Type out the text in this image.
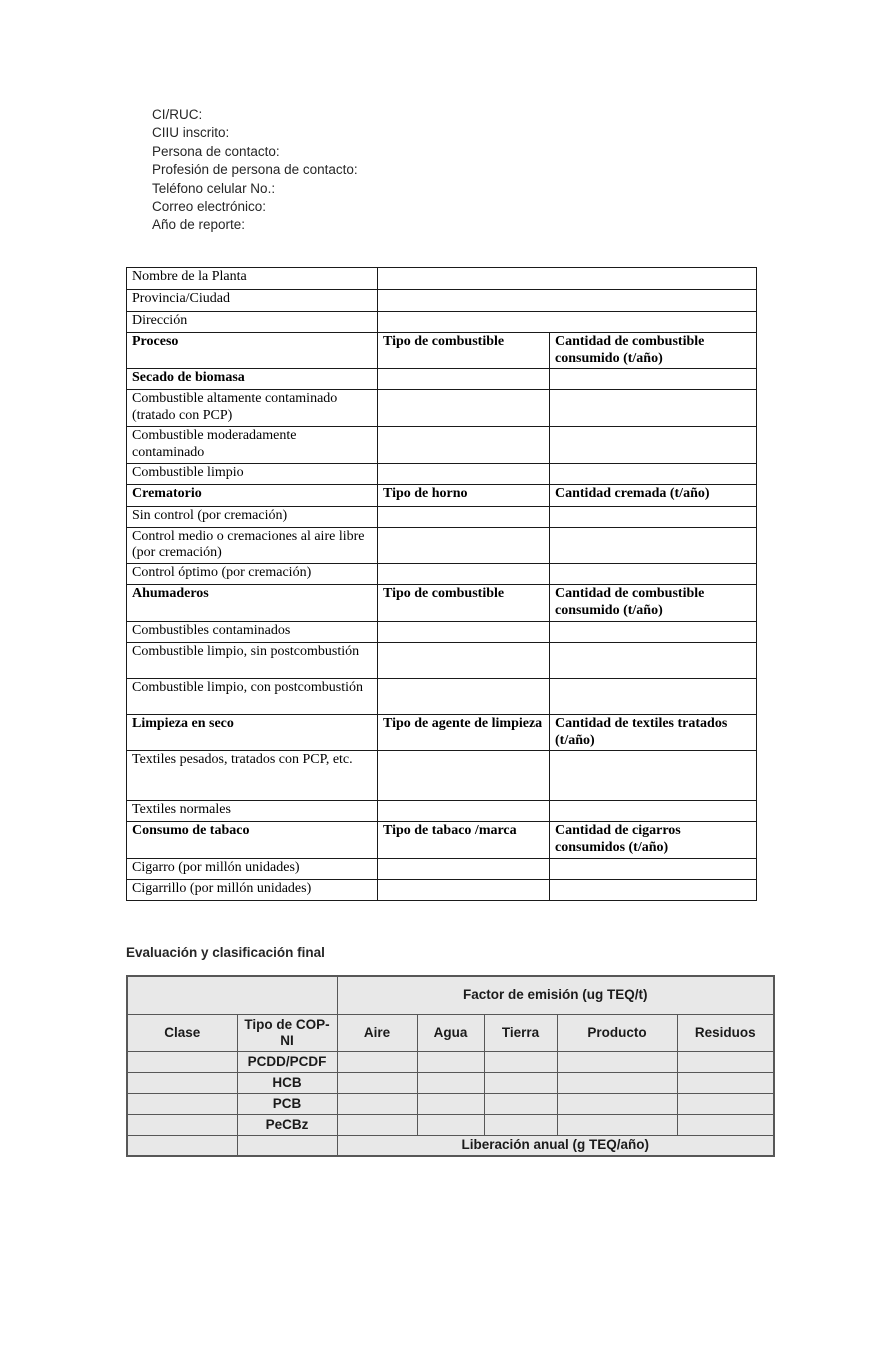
CI/RUC:
CIIU inscrito:
Persona de contacto:
Profesión de persona de contacto:
Teléfono celular No.:
Correo electrónico:
Año de reporte:
Nombre de la Planta		
Provincia/Ciudad		
Dirección		
Proceso	Tipo de combustible	Cantidad de combustible consumido (t/año)
Secado de biomasa		
Combustible altamente contaminado (tratado con PCP)		
Combustible moderadamente contaminado		
Combustible limpio		
Crematorio	Tipo de horno	Cantidad cremada (t/año)
Sin control (por cremación)		
Control medio o cremaciones al aire libre (por cremación)		
Control óptimo (por cremación)		
Ahumaderos	Tipo de combustible	Cantidad de combustible consumido (t/año)
Combustibles contaminados		
Combustible limpio, sin postcombustión		
Combustible limpio, con postcombustión		
Limpieza en seco	Tipo de agente de limpieza	Cantidad de textiles tratados (t/año)
Textiles pesados, tratados con PCP, etc.		
Textiles normales		
Consumo de tabaco	Tipo de tabaco /marca	Cantidad de cigarros consumidos (t/año)
Cigarro (por millón unidades)		
Cigarrillo (por millón unidades)		
Evaluación y clasificación final
		Factor de emisión (ug TEQ/t)				
Clase	Tipo de COP-NI	Aire	Agua	Tierra	Producto	Residuos
	PCDD/PCDF					
	HCB					
	PCB					
	PeCBz					
		Liberación anual (g TEQ/año)				
